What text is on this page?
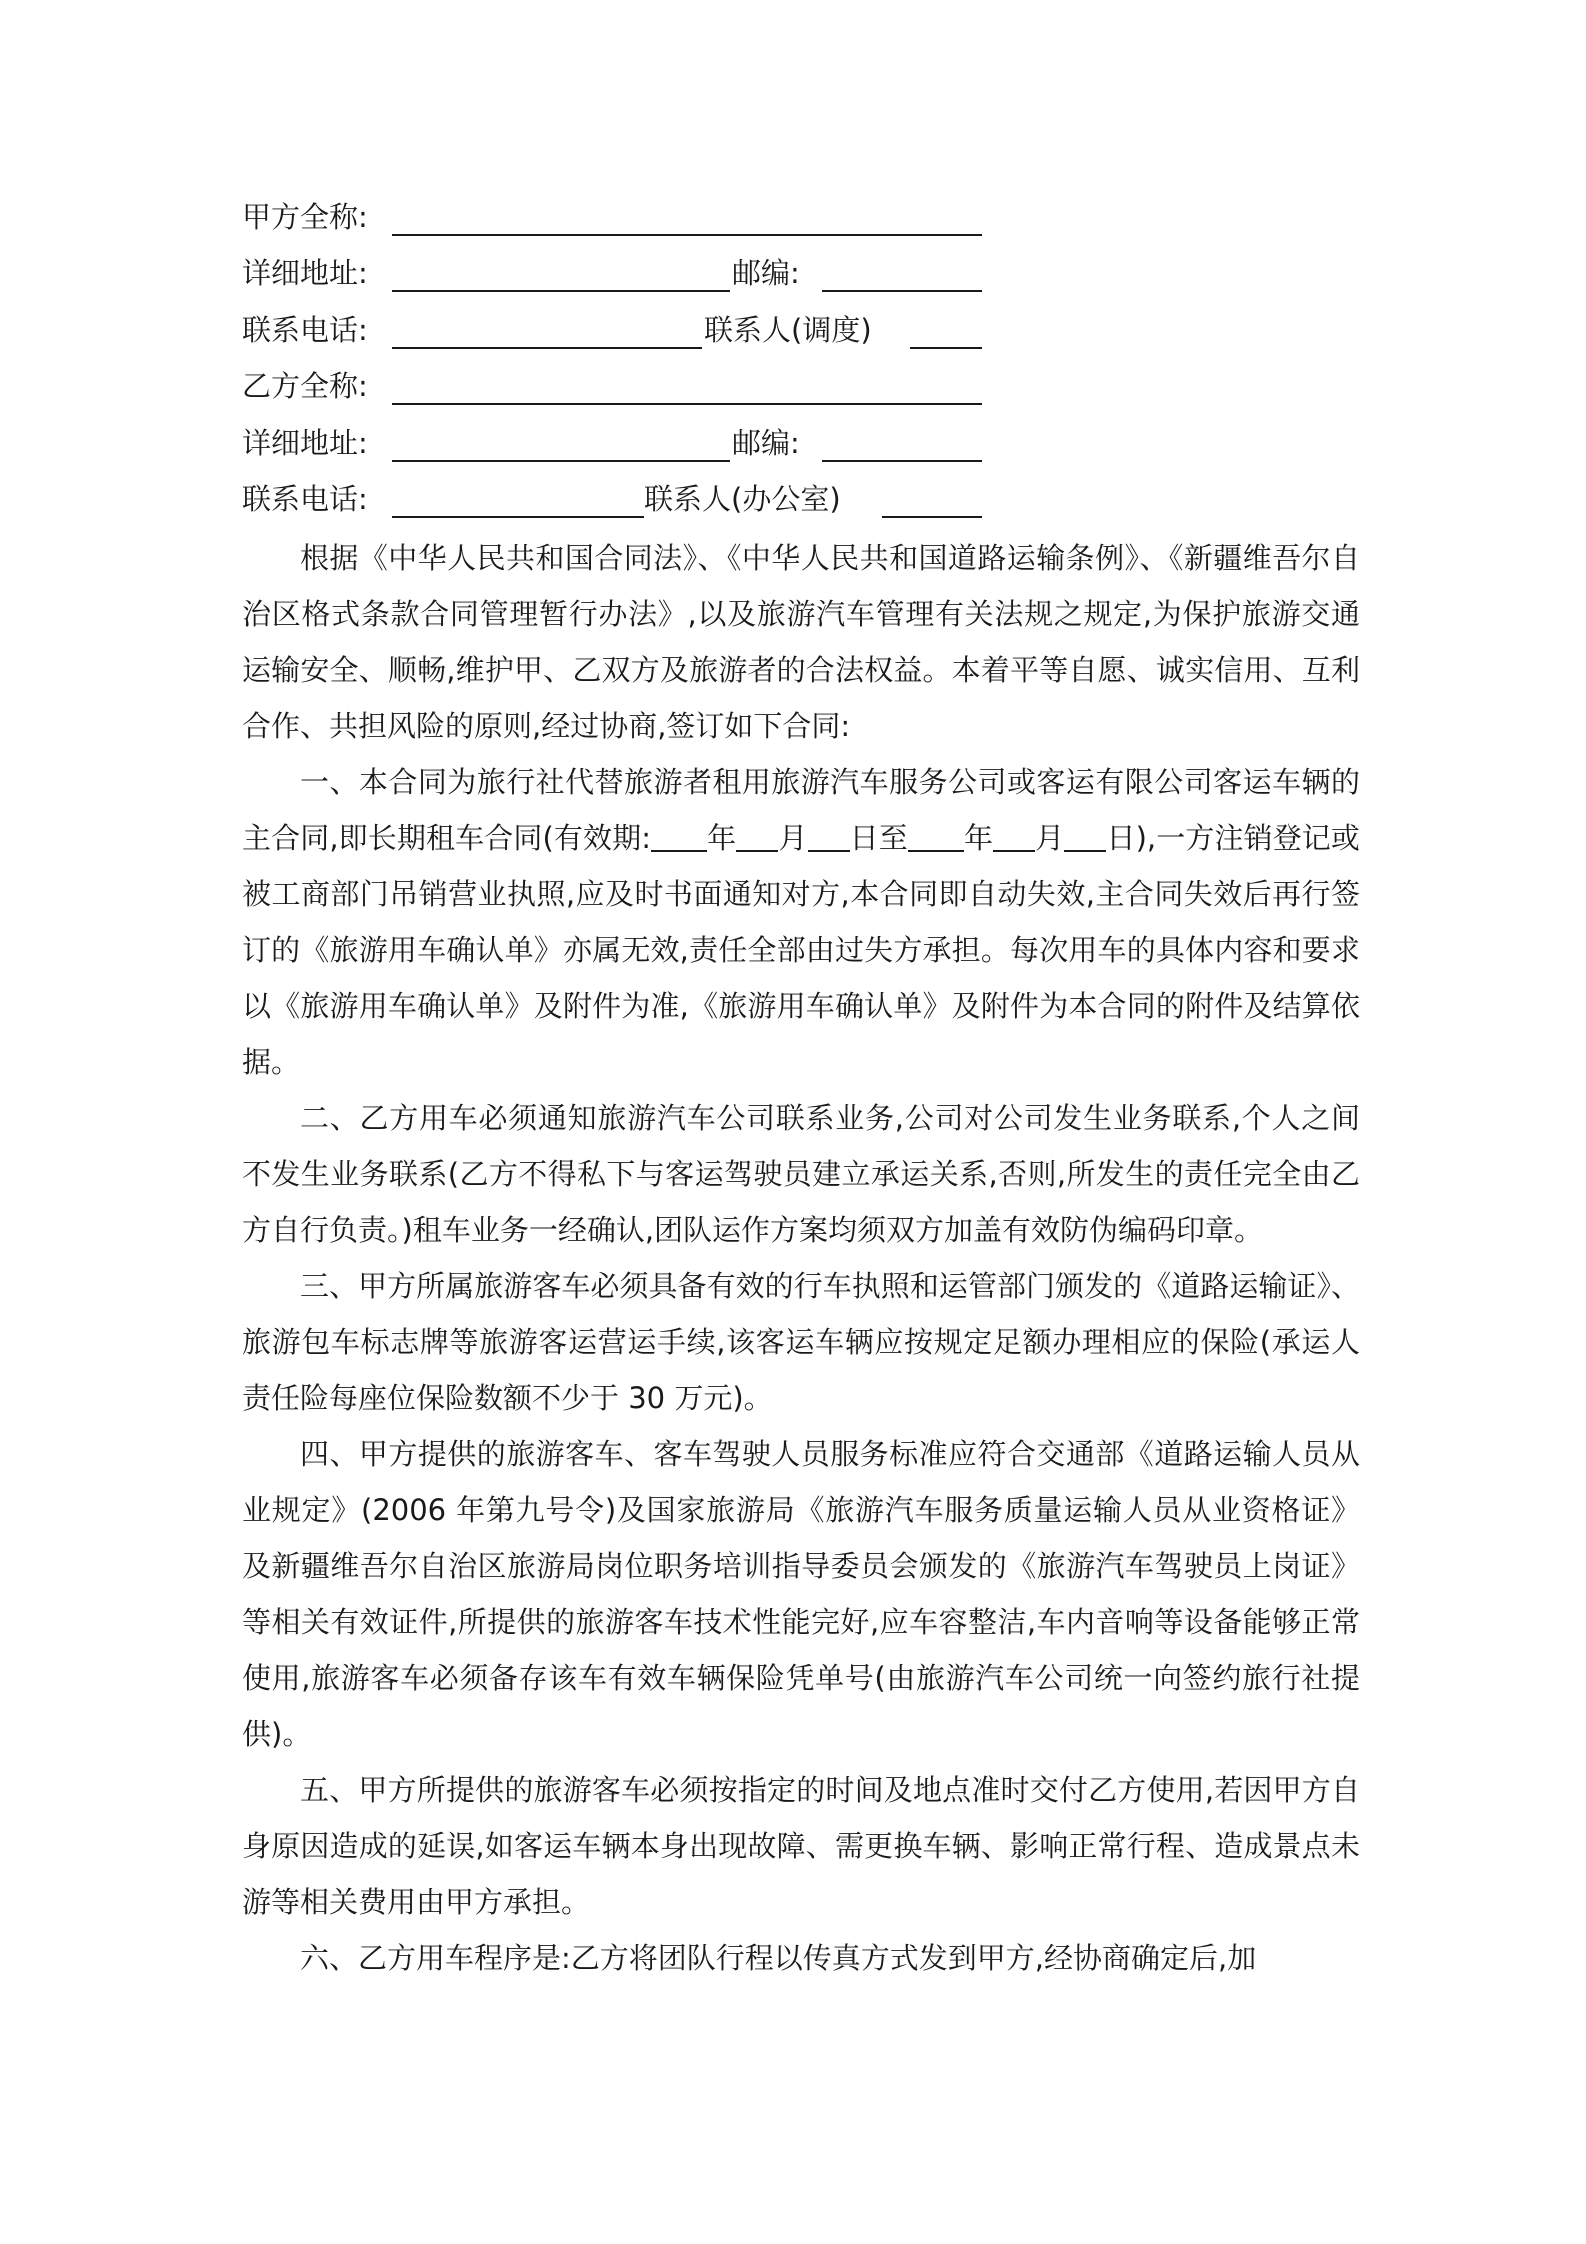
甲方全称:
详细地址:	邮编:
联系电话:	联系人(调度)
乙方全称:
详细地址:	邮编:
联系电话:	联系人(办公室)

根据《中华人民共和国合同法》、《中华人民共和国道路运输条例》、《新疆维吾尔自治区格式条款合同管理暂行办法》,以及旅游汽车管理有关法规之规定,为保护旅游交通运输安全、顺畅,维护甲、乙双方及旅游者的合法权益。本着平等自愿、诚实信用、互利合作、共担风险的原则,经过协商,签订如下合同:

一、本合同为旅行社代替旅游者租用旅游汽车服务公司或客运有限公司客运车辆的主合同,即长期租车合同(有效期: 年 月 日至 年 月 日),一方注销登记或被工商部门吊销营业执照,应及时书面通知对方,本合同即自动失效,主合同失效后再行签订的《旅游用车确认单》亦属无效,责任全部由过失方承担。每次用车的具体内容和要求以《旅游用车确认单》及附件为准,《旅游用车确认单》及附件为本合同的附件及结算依据。

二、乙方用车必须通知旅游汽车公司联系业务,公司对公司发生业务联系,个人之间不发生业务联系(乙方不得私下与客运驾驶员建立承运关系,否则,所发生的责任完全由乙方自行负责。)租车业务一经确认,团队运作方案均须双方加盖有效防伪编码印章。

三、甲方所属旅游客车必须具备有效的行车执照和运管部门颁发的《道路运输证》、旅游包车标志牌等旅游客运营运手续,该客运车辆应按规定足额办理相应的保险(承运人责任险每座位保险数额不少于 30 万元)。

四、甲方提供的旅游客车、客车驾驶人员服务标准应符合交通部《道路运输人员从业规定》(2006 年第九号令)及国家旅游局《旅游汽车服务质量运输人员从业资格证》及新疆维吾尔自治区旅游局岗位职务培训指导委员会颁发的《旅游汽车驾驶员上岗证》等相关有效证件,所提供的旅游客车技术性能完好,应车容整洁,车内音响等设备能够正常使用,旅游客车必须备存该车有效车辆保险凭单号(由旅游汽车公司统一向签约旅行社提供)。

五、甲方所提供的旅游客车必须按指定的时间及地点准时交付乙方使用,若因甲方自身原因造成的延误,如客运车辆本身出现故障、需更换车辆、影响正常行程、造成景点未游等相关费用由甲方承担。

六、乙方用车程序是:乙方将团队行程以传真方式发到甲方,经协商确定后,加
